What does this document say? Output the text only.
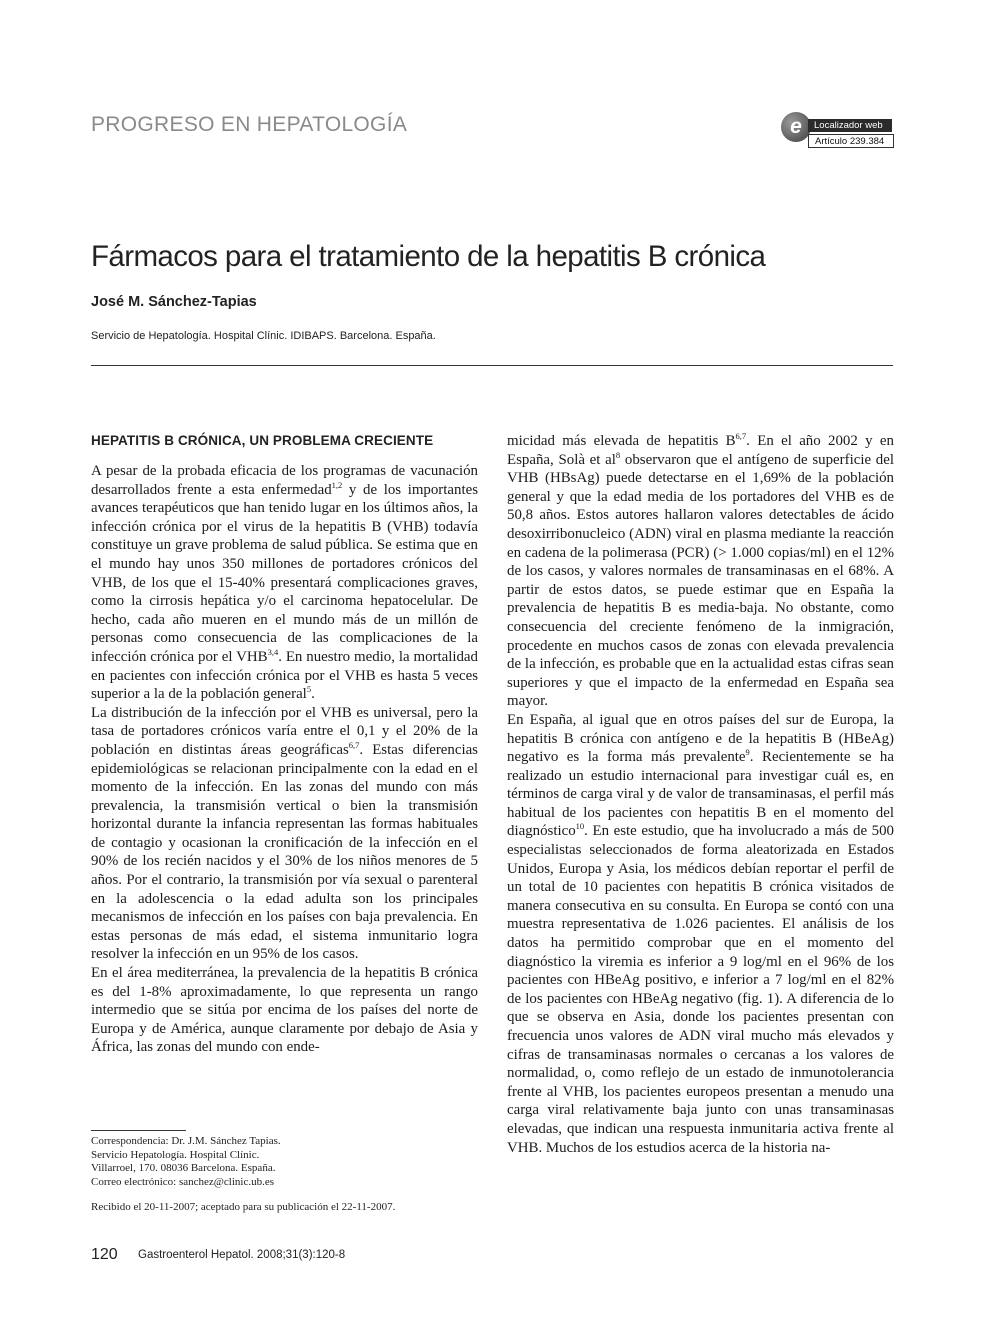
PROGRESO EN HEPATOLOGÍA	e	Localizador web
Artículo 239.384
Fármacos para el tratamiento de la hepatitis B crónica
José M. Sánchez-Tapias
Servicio de Hepatología. Hospital Clínic. IDIBAPS. Barcelona. España.
HEPATITIS B CRÓNICA, UN PROBLEMA CRECIENTE

A pesar de la probada eficacia de los programas de vacunación desarrollados frente a esta enfermedad$^{1,2}$ y de los importantes avances terapéuticos que han tenido lugar en los últimos años, la infección crónica por el virus de la hepatitis B (VHB) todavía constituye un grave problema de salud pública. Se estima que en el mundo hay unos 350 millones de portadores crónicos del VHB, de los que el 15-40% presentará complicaciones graves, como la cirrosis hepática y/o el carcinoma hepatocelular. De hecho, cada año mueren en el mundo más de un millón de personas como consecuencia de las complicaciones de la infección crónica por el VHB$^{3,4}$. En nuestro medio, la mortalidad en pacientes con infección crónica por el VHB es hasta 5 veces superior a la de la población general$^5$.

La distribución de la infección por el VHB es universal, pero la tasa de portadores crónicos varía entre el 0,1 y el 20% de la población en distintas áreas geográficas$^{6,7}$. Estas diferencias epidemiológicas se relacionan principalmente con la edad en el momento de la infección. En las zonas del mundo con más prevalencia, la transmisión vertical o bien la transmisión horizontal durante la infancia representan las formas habituales de contagio y ocasionan la cronificación de la infección en el 90% de los recién nacidos y el 30% de los niños menores de 5 años. Por el contrario, la transmisión por vía sexual o parenteral en la adolescencia o la edad adulta son los principales mecanismos de infección en los países con baja prevalencia. En estas personas de más edad, el sistema inmunitario logra resolver la infección en un 95% de los casos.

En el área mediterránea, la prevalencia de la hepatitis B crónica es del 1-8% aproximadamente, lo que representa un rango intermedio que se sitúa por encima de los países del norte de Europa y de América, aunque claramente por debajo de Asia y África, las zonas del mundo con ende-

micidad más elevada de hepatitis B$^{6,7}$. En el año 2002 y en España, Solà et $al^8$ observaron que el antígeno de superficie del VHB (HBsAg) puede detectarse en el 1,69% de la población general y que la edad media de los portadores del VHB es de 50,8 años. Estos autores hallaron valores detectables de ácido desoxirribonucleico (ADN) viral en plasma mediante la reacción en cadena de la polimerasa (PCR) (> 1.000 copias/ml) en el 12% de los casos, y valores normales de transaminasas en el 68%. A partir de estos datos, se puede estimar que en España la prevalencia de hepatitis B es media-baja. No obstante, como consecuencia del creciente fenómeno de la inmigración, procedente en muchos casos de zonas con elevada prevalencia de la infección, es probable que en la actualidad estas cifras sean superiores y que el impacto de la enfermedad en España sea mayor.

En España, al igual que en otros países del sur de Europa, la hepatitis B crónica con antígeno e de la hepatitis B (HBeAg) negativo es la forma más prevalente$^9$. Recientemente se ha realizado un estudio internacional para investigar cuál es, en términos de carga viral y de valor de transaminasas, el perfil más habitual de los pacientes con hepatitis B en el momento del diagnóstico$^{10}$. En este estudio, que ha involucrado a más de 500 especialistas seleccionados de forma aleatorizada en Estados Unidos, Europa y Asia, los médicos debían reportar el perfil de un total de 10 pacientes con hepatitis B crónica visitados de manera consecutiva en su consulta. En Europa se contó con una muestra representativa de 1.026 pacientes. El análisis de los datos ha permitido comprobar que en el momento del diagnóstico la viremia es inferior a 9 log/ml en el 96% de los pacientes con HBeAg positivo, e inferior a 7 log/ml en el 82% de los pacientes con HBeAg negativo (fig. 1). A diferencia de lo que se observa en Asia, donde los pacientes presentan con frecuencia unos valores de ADN viral mucho más elevados y cifras de transaminasas normales o cercanas a los valores de normalidad, o, como reflejo de un estado de inmunotolerancia frente al VHB, los pacientes europeos presentan a menudo una carga viral relativamente baja junto con unas transaminasas elevadas, que indican una respuesta inmunitaria activa frente al VHB. Muchos de los estudios acerca de la historia na-

Correspondencia: Dr. J.M. Sánchez Tapias.
Servicio Hepatología. Hospital Clínic.
Villarroel, 170. 08036 Barcelona. España.
Correo electrónico: sanchez@clinic.ub.es
Recibido el 20-11-2007; aceptado para su publicación el 22-11-2007.
120 Gastroenterol Hepatol. 2008;31(3):120-8
